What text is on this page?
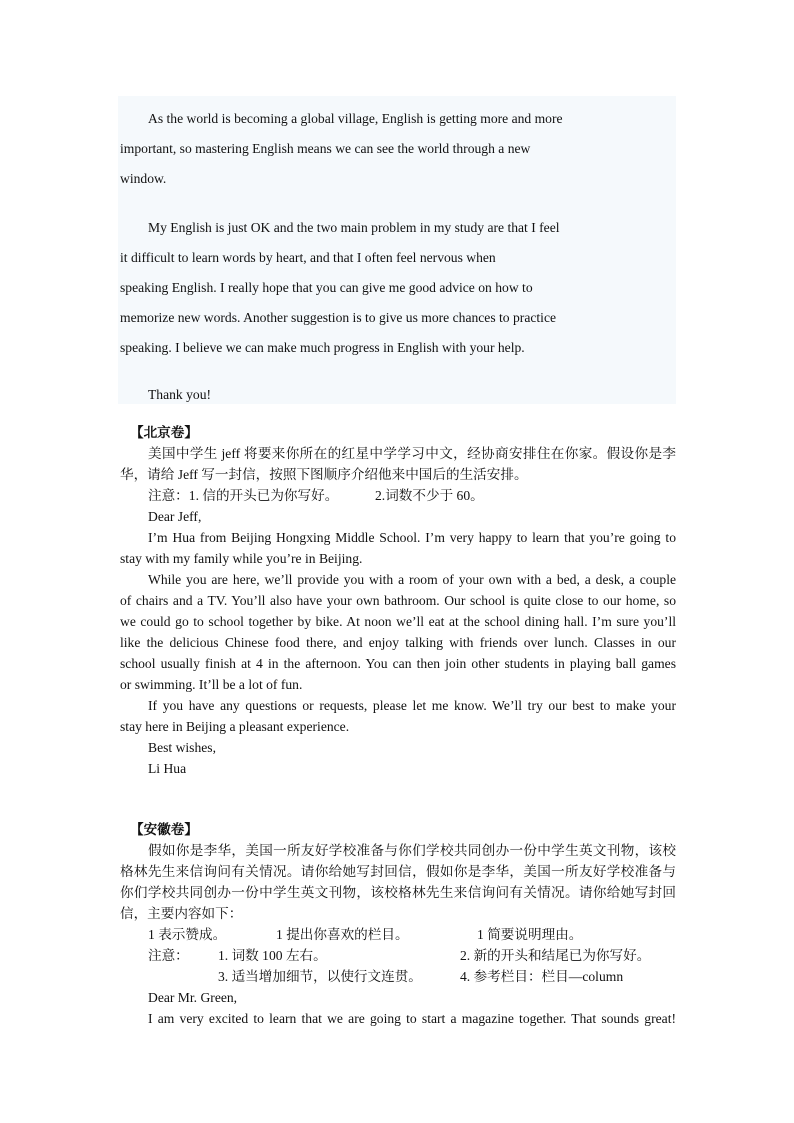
As the world is becoming a global village, English is getting more and more
important, so mastering English means we can see the world through a new
window.
My English is just OK and the two main problem in my study are that I feel
it difficult to learn words by heart, and that I often feel nervous when
speaking English. I really hope that you can give me good advice on how to
memorize new words. Another suggestion is to give us more chances to practice
speaking. I believe we can make much progress in English with your help.
Thank you!
【北京卷】
美国中学生 jeff 将要来你所在的红星中学学习中文，经协商安排住在你家。假设你是李
华，请给 Jeff 写一封信，按照下图顺序介绍他来中国后的生活安排。
注意：1. 信的开头已为你写好。	2.词数不少于 60。
Dear Jeff,
I’m Hua from Beijing Hongxing Middle School. I’m very happy to learn that you’re going to
stay with my family while you’re in Beijing.
While you are here, we’ll provide you with a room of your own with a bed, a desk, a couple
of chairs and a TV. You’ll also have your own bathroom. Our school is quite close to our home, so
we could go to school together by bike. At noon we’ll eat at the school dining hall. I’m sure you’ll
like the delicious Chinese food there, and enjoy talking with friends over lunch. Classes in our
school usually finish at 4 in the afternoon. You can then join other students in playing ball games
or swimming. It’ll be a lot of fun.
If you have any questions or requests, please let me know. We’ll try our best to make your
stay here in Beijing a pleasant experience.
Best wishes,
Li Hua
【安徽卷】
假如你是李华，美国一所友好学校准备与你们学校共同创办一份中学生英文刊物，该校
格林先生来信询问有关情况。请你给她写封回信，假如你是李华，美国一所友好学校准备与
你们学校共同创办一份中学生英文刊物，该校格林先生来信询问有关情况。请你给她写封回
信，主要内容如下：
1 表示赞成。	1 提出你喜欢的栏目。	1 简要说明理由。
注意： 1. 词数 100 左右。	2. 新的开头和结尾已为你写好。
3. 适当增加细节，以使行文连贯。	4. 参考栏目：栏目—column
Dear Mr. Green,
I am very excited to learn that we are going to start a magazine together. That sounds great!
